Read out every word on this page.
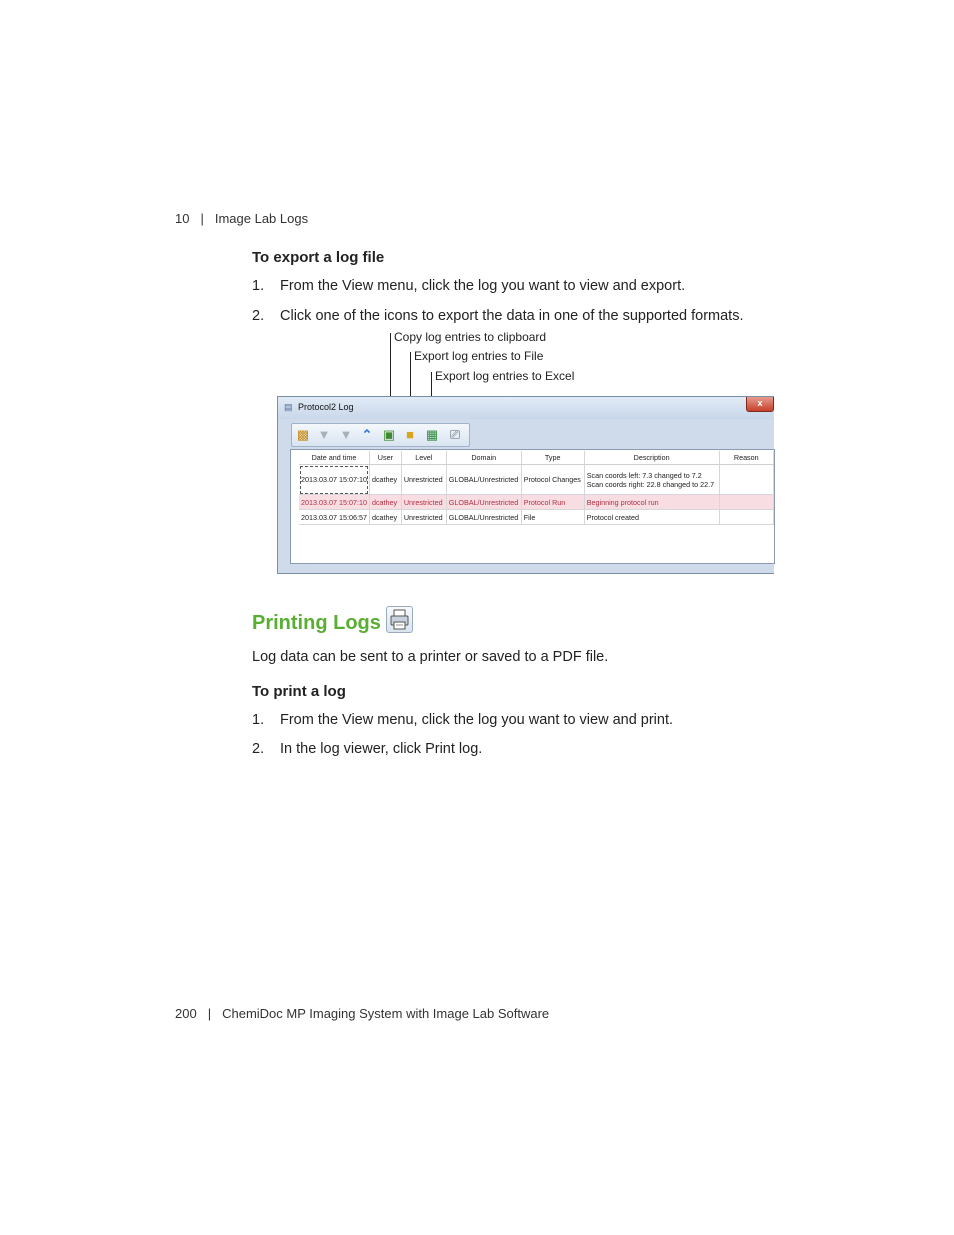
10 | Image Lab Logs
To export a log file
1. From the View menu, click the log you want to view and export.
2. Click one of the icons to export the data in one of the supported formats.
Copy log entries to clipboard
Export log entries to File
Export log entries to Excel
▤ Protocol2 Log	x
▩ ▼ ▼ ⌃ ▣ ■ ▦ ⎚
Date and time	User	Level	Domain	Type	Description	Reason
2013.03.07 15:07:10	dcathey	Unrestricted	GLOBAL/Unrestricted	Protocol Changes	Scan coords left: 7.3 changed to 7.2
Scan coords right: 22.8 changed to 22.7	

2013.03.07 15:07:10	dcathey	Unrestricted	GLOBAL/Unrestricted	Protocol Run	Beginning protocol run	
2013.03.07 15:06:57	dcathey	Unrestricted	GLOBAL/Unrestricted	File	Protocol created	
Printing Logs
Log data can be sent to a printer or saved to a PDF file.
To print a log
1. From the View menu, click the log you want to view and print.
2. In the log viewer, click Print log.
200 | ChemiDoc MP Imaging System with Image Lab Software
